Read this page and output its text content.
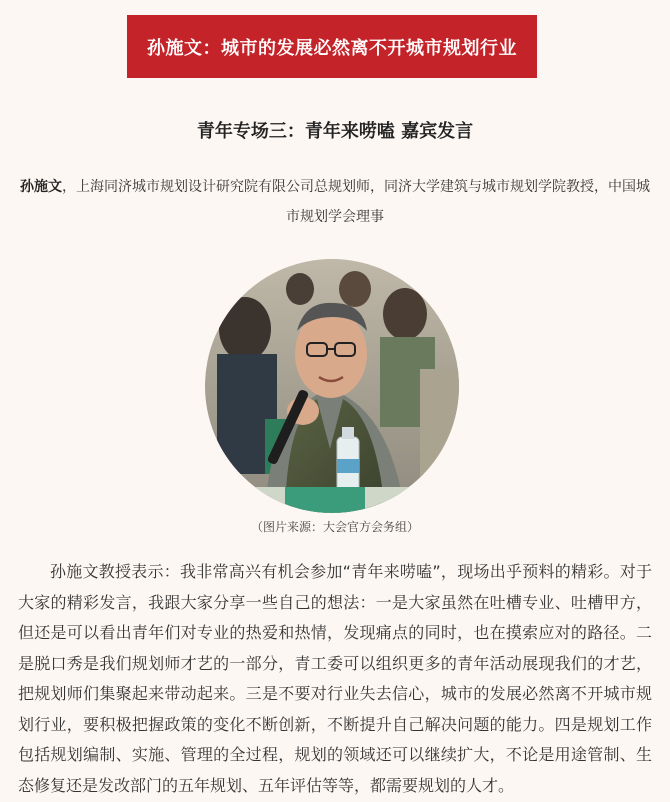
孙施文：城市的发展必然离不开城市规划行业
青年专场三：青年来唠嗑 嘉宾发言
孙施文，上海同济城市规划设计研究院有限公司总规划师，同济大学建筑与城市规划学院教授，中国城市规划学会理事
（图片来源：大会官方会务组）

孙施文教授表示：我非常高兴有机会参加“青年来唠嗑”，现场出乎预料的精彩。对于大家的精彩发言，我跟大家分享一些自己的想法：一是大家虽然在吐槽专业、吐槽甲方，但还是可以看出青年们对专业的热爱和热情，发现痛点的同时，也在摸索应对的路径。二是脱口秀是我们规划师才艺的一部分，青工委可以组织更多的青年活动展现我们的才艺，把规划师们集聚起来带动起来。三是不要对行业失去信心，城市的发展必然离不开城市规划行业，要积极把握政策的变化不断创新，不断提升自己解决问题的能力。四是规划工作包括规划编制、实施、管理的全过程，规划的领域还可以继续扩大，不论是用途管制、生态修复还是发改部门的五年规划、五年评估等等，都需要规划的人才。
